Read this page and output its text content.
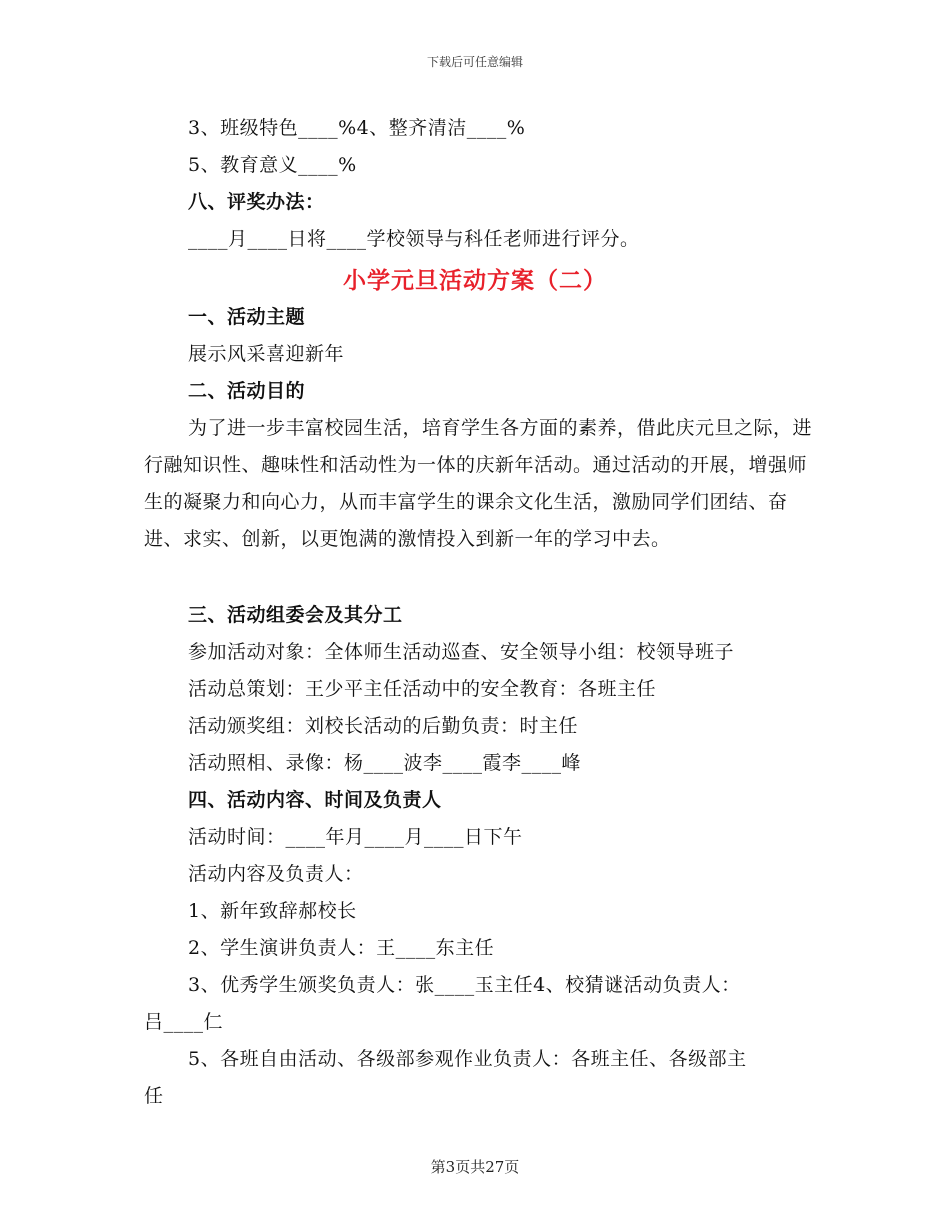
下载后可任意编辑
3、班级特色____%4、整齐清洁____%
5、教育意义____%
八、评奖办法：
____月____日将____学校领导与科任老师进行评分。
小学元旦活动方案（二）
一、活动主题
展示风采喜迎新年
二、活动目的
为了进一步丰富校园生活，培育学生各方面的素养，借此庆元旦之际，进行融知识性、趣味性和活动性为一体的庆新年活动。通过活动的开展，增强师生的凝聚力和向心力，从而丰富学生的课余文化生活，激励同学们团结、奋进、求实、创新，以更饱满的激情投入到新一年的学习中去。
三、活动组委会及其分工
参加活动对象：全体师生活动巡查、安全领导小组：校领导班子
活动总策划：王少平主任活动中的安全教育：各班主任
活动颁奖组：刘校长活动的后勤负责：时主任
活动照相、录像：杨____波李____霞李____峰
四、活动内容、时间及负责人
活动时间：____年月____月____日下午
活动内容及负责人：
1、新年致辞郝校长
2、学生演讲负责人：王____东主任
3、优秀学生颁奖负责人：张____玉主任4、校猜谜活动负责人：
吕____仁
5、各班自由活动、各级部参观作业负责人：各班主任、各级部主
任
第3页共27页
